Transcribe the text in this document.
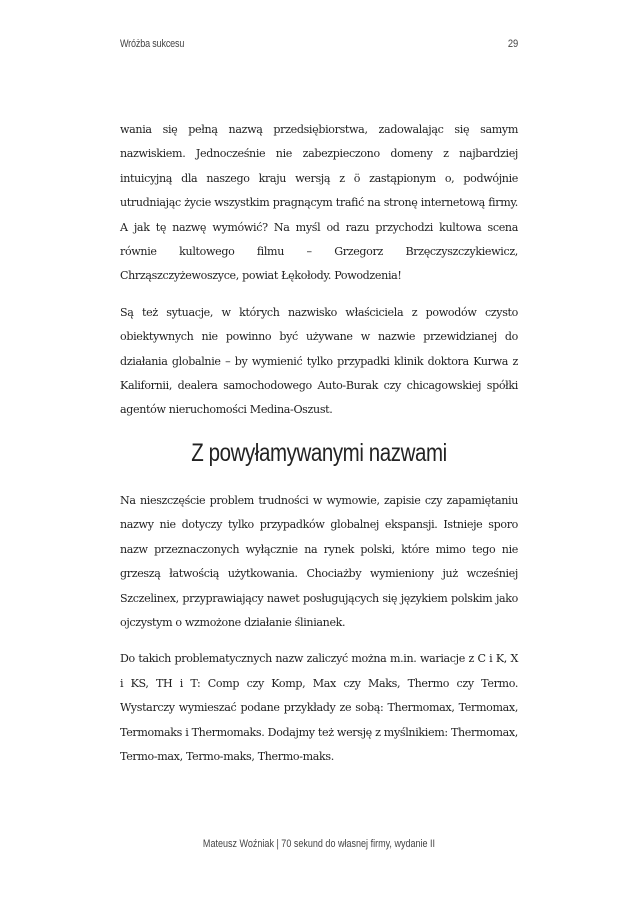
Wróżba sukcesu	29

wania się pełną nazwą przedsiębiorstwa, zadowalając się samym nazwiskiem. Jednocześnie nie zabezpieczono domeny z najbardziej intuicyjną dla naszego kraju wersją z ö zastąpionym o, podwójnie utrudniając życie wszystkim pragnącym trafić na stronę internetową firmy. A jak tę nazwę wymówić? Na myśl od razu przychodzi kultowa scena równie kultowego filmu – Grzegorz Brzęczyszczykiewicz, Chrząszczyżewoszyce, powiat Łękołody. Powodzenia!

Są też sytuacje, w których nazwisko właściciela z powodów czysto obiektywnych nie powinno być używane w nazwie przewidzianej do działania globalnie – by wymienić tylko przypadki klinik doktora Kurwa z Kalifornii, dealera samochodowego Auto-Burak czy chicagowskiej spółki agentów nieruchomości Medina-Oszust.

Z powyłamywanymi nazwami

Na nieszczęście problem trudności w wymowie, zapisie czy zapamiętaniu nazwy nie dotyczy tylko przypadków globalnej ekspansji. Istnieje sporo nazw przeznaczonych wyłącznie na rynek polski, które mimo tego nie grzeszą łatwością użytkowania. Chociażby wymieniony już wcześniej Szczelinex, przyprawiający nawet posługujących się językiem polskim jako ojczystym o wzmożone działanie ślinianek.

Do takich problematycznych nazw zaliczyć można m.in. wariacje z C i K, X i KS, TH i T: Comp czy Komp, Max czy Maks, Thermo czy Termo. Wystarczy wymieszać podane przykłady ze sobą: Thermomax, Termomax, Termomaks i Thermomaks. Dodajmy też wersję z myślnikiem: Thermomax, Termo-max, Termo-maks, Thermo-maks.

Mateusz Woźniak | 70 sekund do własnej firmy, wydanie II
